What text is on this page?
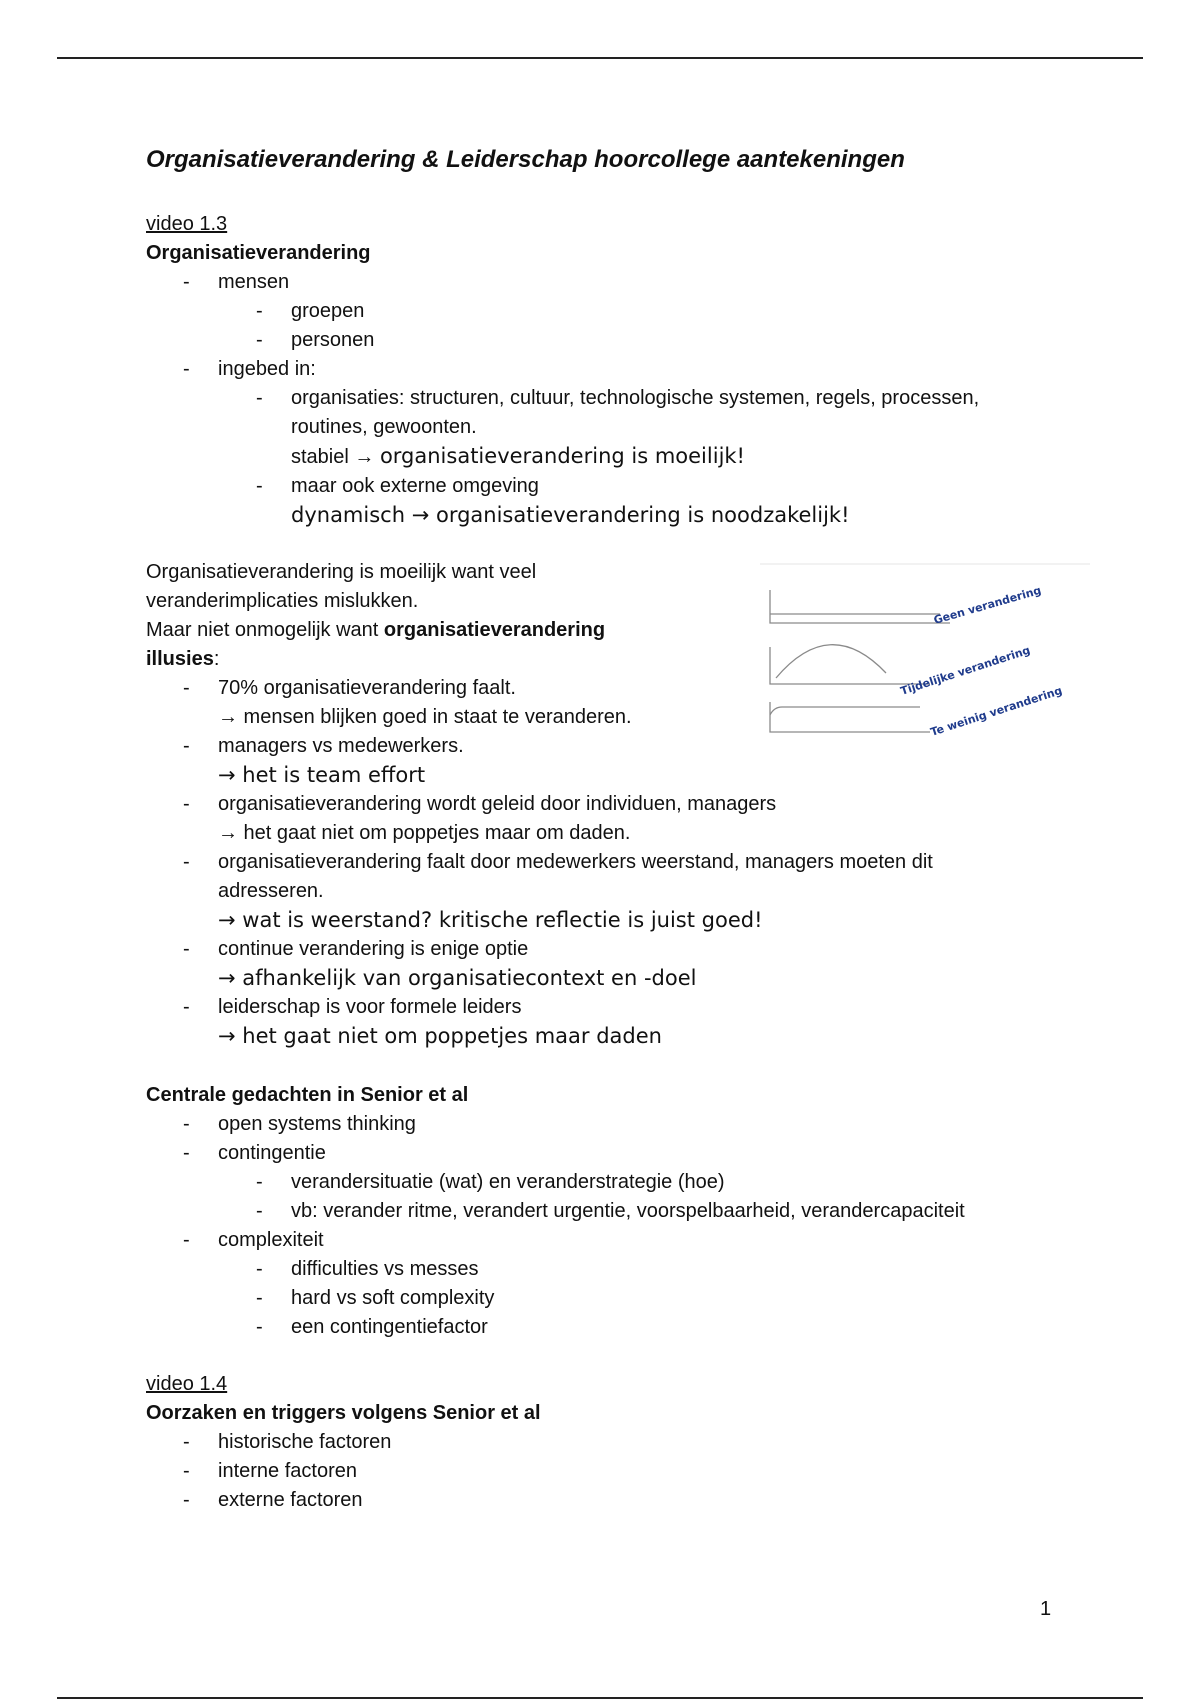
Organisatieverandering & Leiderschap hoorcollege aantekeningen
video 1.3
Organisatieverandering
- mensen
- groepen
- personen
- ingebed in:
- organisaties: structuren, cultuur, technologische systemen, regels, processen,
routines, gewoonten.
stabiel → organisatieverandering is moeilijk!
- maar ook externe omgeving
dynamisch → organisatieverandering is noodzakelijk!
Organisatieverandering is moeilijk want veel
veranderimplicaties mislukken.
Maar niet onmogelijk want organisatieverandering
illusies:
- 70% organisatieverandering faalt.
→ mensen blijken goed in staat te veranderen.
- managers vs medewerkers.
→ het is team effort
- organisatieverandering wordt geleid door individuen, managers
→ het gaat niet om poppetjes maar om daden.
- organisatieverandering faalt door medewerkers weerstand, managers moeten dit
adresseren.
→ wat is weerstand? kritische reflectie is juist goed!
- continue verandering is enige optie
→ afhankelijk van organisatiecontext en -doel
- leiderschap is voor formele leiders
→ het gaat niet om poppetjes maar daden
Centrale gedachten in Senior et al
- open systems thinking
- contingentie
- verandersituatie (wat) en veranderstrategie (hoe)
- vb: verander ritme, verandert urgentie, voorspelbaarheid, verandercapaciteit
- complexiteit
- difficulties vs messes
- hard vs soft complexity
- een contingentiefactor
video 1.4
Oorzaken en triggers volgens Senior et al
- historische factoren
- interne factoren
- externe factoren
Geen verandering
Tijdelijke verandering
Te weinig verandering
1
